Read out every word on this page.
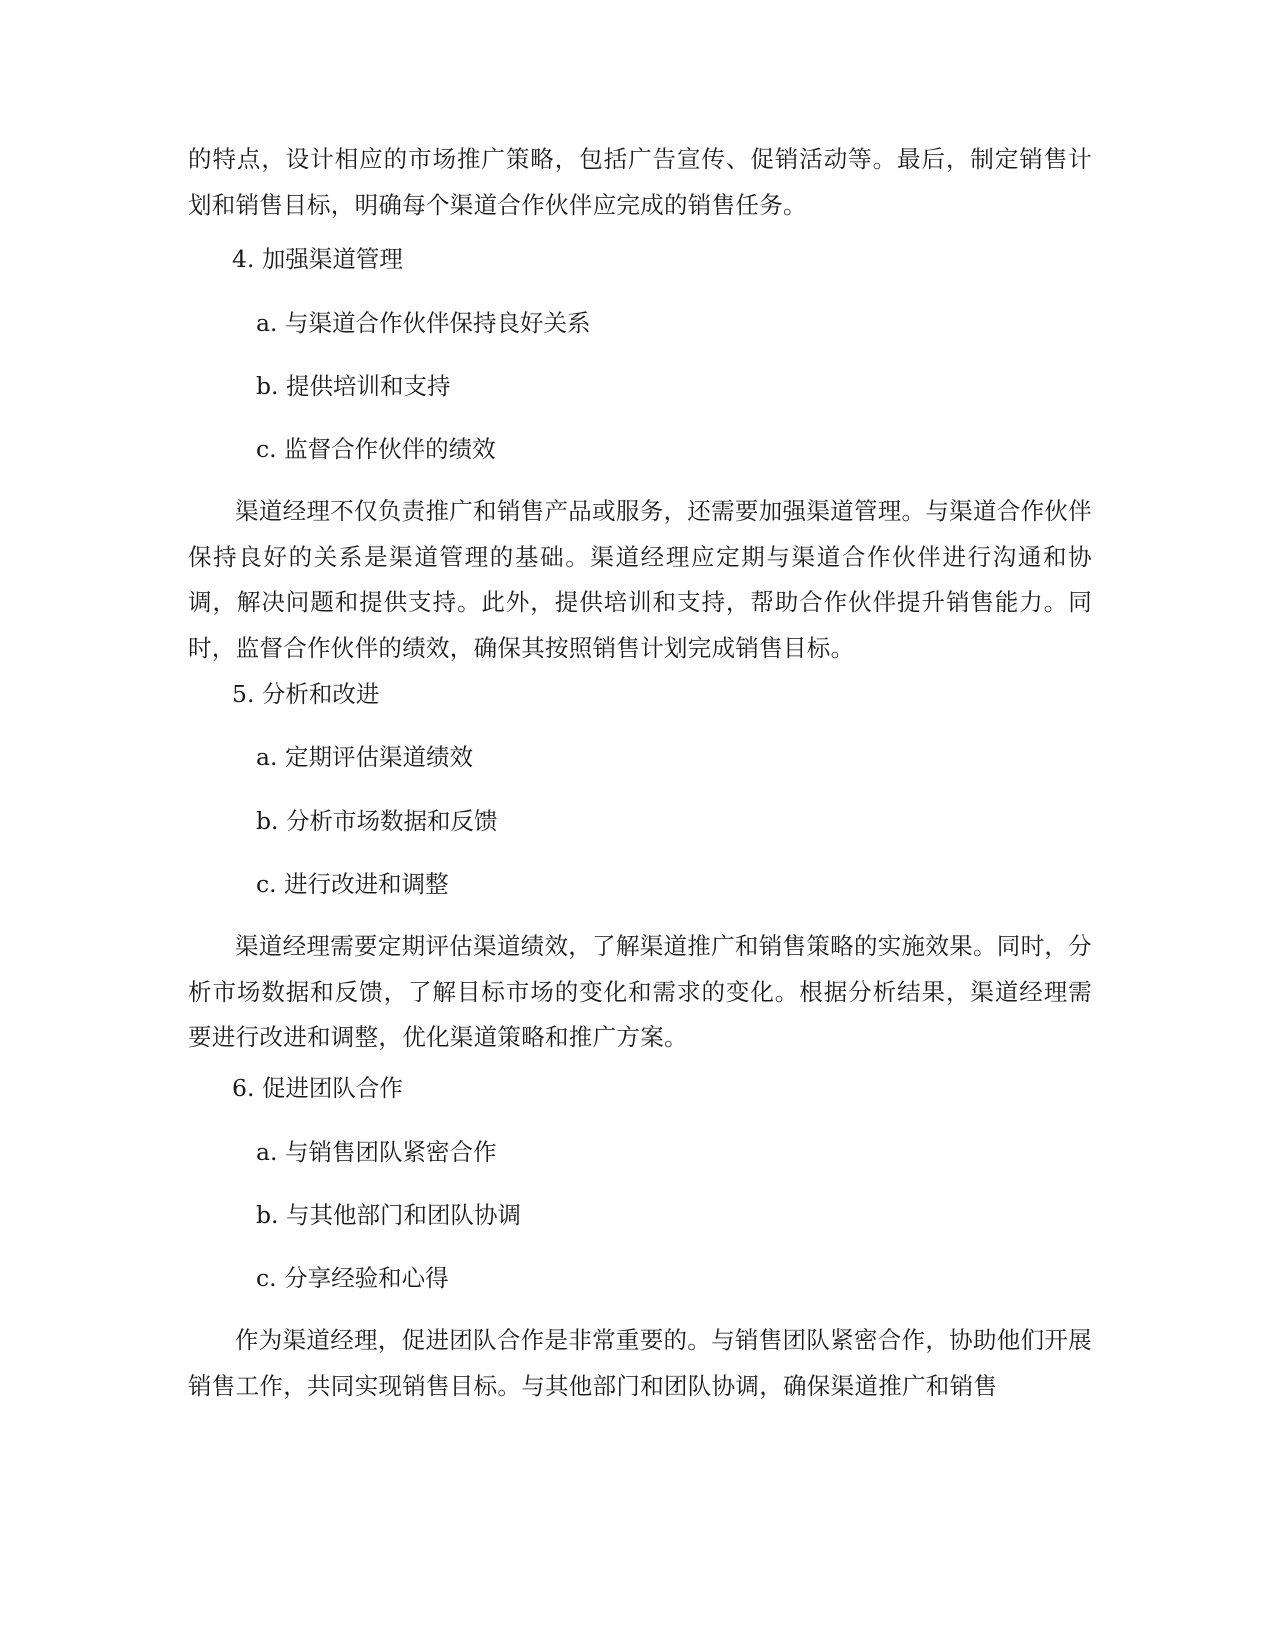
的特点，设计相应的市场推广策略，包括广告宣传、促销活动等。最后，制定销售计划和销售目标，明确每个渠道合作伙伴应完成的销售任务。

4. 加强渠道管理

a. 与渠道合作伙伴保持良好关系

b. 提供培训和支持

c. 监督合作伙伴的绩效

渠道经理不仅负责推广和销售产品或服务，还需要加强渠道管理。与渠道合作伙伴保持良好的关系是渠道管理的基础。渠道经理应定期与渠道合作伙伴进行沟通和协调，解决问题和提供支持。此外，提供培训和支持，帮助合作伙伴提升销售能力。同时，监督合作伙伴的绩效，确保其按照销售计划完成销售目标。

5. 分析和改进

a. 定期评估渠道绩效

b. 分析市场数据和反馈

c. 进行改进和调整

渠道经理需要定期评估渠道绩效，了解渠道推广和销售策略的实施效果。同时，分析市场数据和反馈，了解目标市场的变化和需求的变化。根据分析结果，渠道经理需要进行改进和调整，优化渠道策略和推广方案。

6. 促进团队合作

a. 与销售团队紧密合作

b. 与其他部门和团队协调

c. 分享经验和心得

作为渠道经理，促进团队合作是非常重要的。与销售团队紧密合作，协助他们开展销售工作，共同实现销售目标。与其他部门和团队协调，确保渠道推广和销售
